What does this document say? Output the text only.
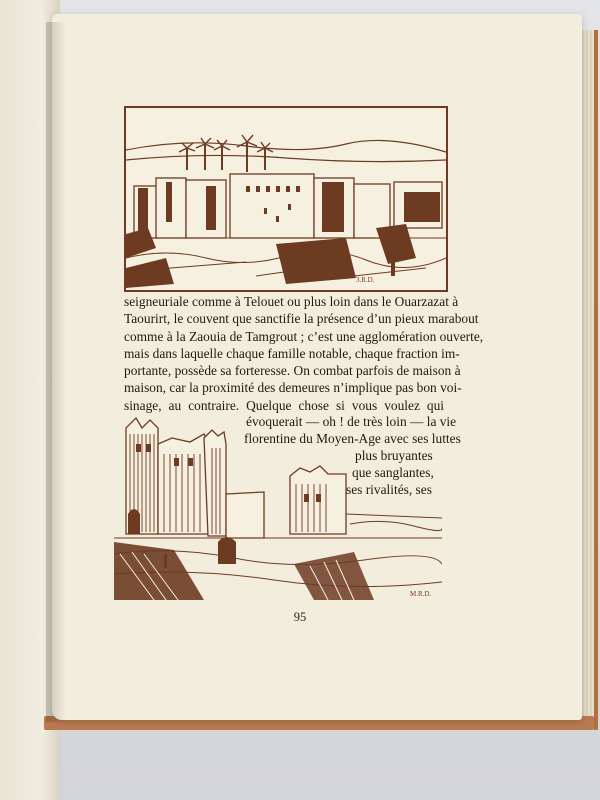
3.R.D.
seigneuriale comme à Telouet ou plus loin dans le Ouarzazat à
Taourirt, le couvent que sanctifie la présence d’un pieux marabout
comme à la Zaouia de Tamgrout ; c’est une agglomération ouverte,
mais dans laquelle chaque famille notable, chaque fraction im-
portante, possède sa forteresse. On combat parfois de maison à
maison, car la proximité des demeures n’implique pas bon voi-
sinage, au contraire. Quelque chose si vous voulez qui
évoquerait — oh ! de très loin — la vie
florentine du Moyen-Age avec ses luttes
plus bruyantes
que sanglantes,
ses rivalités, ses
M.R.D.
95
